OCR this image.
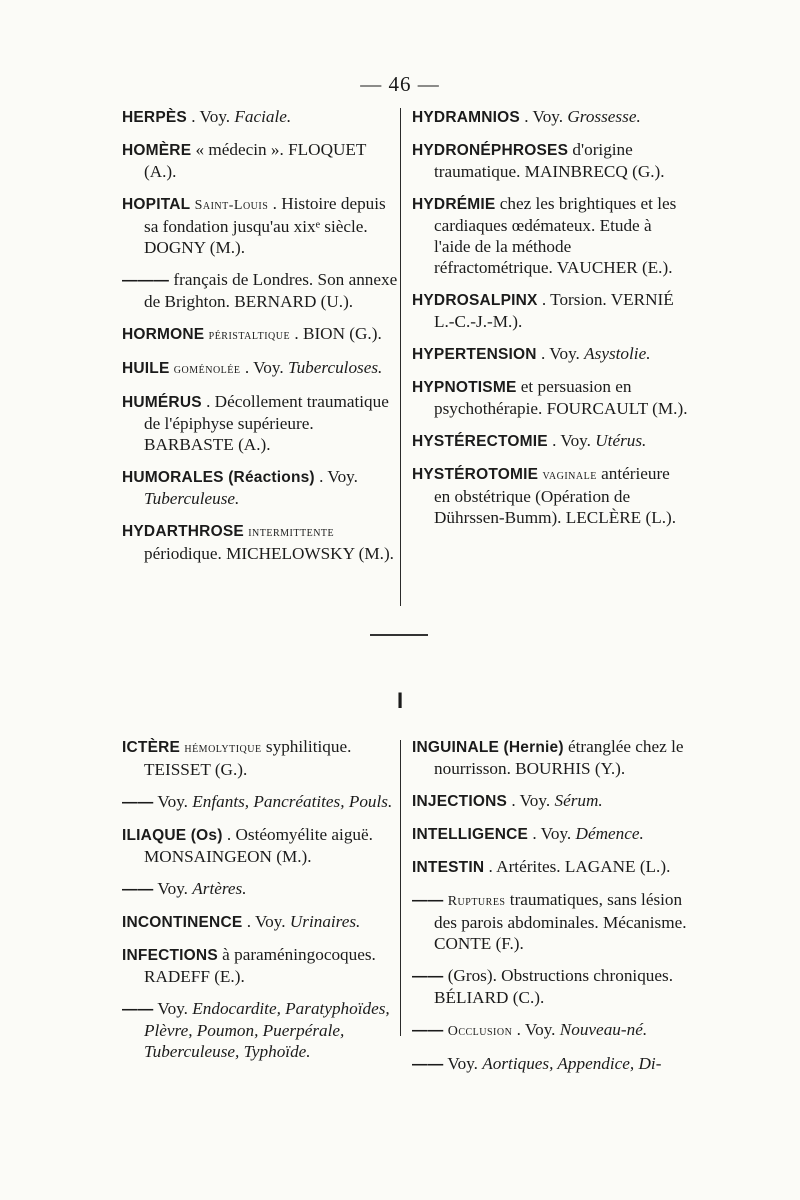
— 46 —
HERPÈS . Voy. Faciale.
HOMÈRE « médecin ». FLOQUET (A.).
HOPITAL Saint-Louis . Histoire depuis sa fondation jusqu'au xixᵉ siècle. DOGNY (M.).
——— français de Londres. Son annexe de Brighton. BERNARD (U.).
HORMONE péristaltique . BION (G.).
HUILE goménolée . Voy. Tuberculoses.
HUMÉRUS . Décollement traumatique de l'épiphyse supérieure. BARBASTE (A.).
HUMORALES (Réactions) . Voy. Tuberculeuse.
HYDARTHROSE intermittente périodique. MICHELOWSKY (M.).
HYDRAMNIOS . Voy. Grossesse.
HYDRONÉPHROSES d'origine traumatique. MAINBRECQ (G.).
HYDRÉMIE chez les brightiques et les cardiaques œdémateux. Etude à l'aide de la méthode réfractométrique. VAUCHER (E.).
HYDROSALPINX . Torsion. VERNIÉ L.-C.-J.-M.).
HYPERTENSION . Voy. Asystolie.
HYPNOTISME et persuasion en psychothérapie. FOURCAULT (M.).
HYSTÉRECTOMIE . Voy. Utérus.
HYSTÉROTOMIE vaginale antérieure en obstétrique (Opération de Dührssen-Bumm). LECLÈRE (L.).
I
ICTÈRE hémolytique syphilitique. TEISSET (G.).
—— Voy. Enfants, Pancréatites, Pouls.
ILIAQUE (Os) . Ostéomyélite aiguë. MONSAINGEON (M.).
—— Voy. Artères.
INCONTINENCE . Voy. Urinaires.
INFECTIONS à paraméningocoques. RADEFF (E.).
—— Voy. Endocardite, Paratyphoïdes, Plèvre, Poumon, Puerpérale, Tuberculeuse, Typhoïde.
INGUINALE (Hernie) étranglée chez le nourrisson. BOURHIS (Y.).
INJECTIONS . Voy. Sérum.
INTELLIGENCE . Voy. Démence.
INTESTIN . Artérites. LAGANE (L.).
—— Ruptures traumatiques, sans lésion des parois abdominales. Mécanisme. CONTE (F.).
—— (Gros). Obstructions chroniques. BÉLIARD (C.).
—— Occlusion . Voy. Nouveau-né.
—— Voy. Aortiques, Appendice, Di-
